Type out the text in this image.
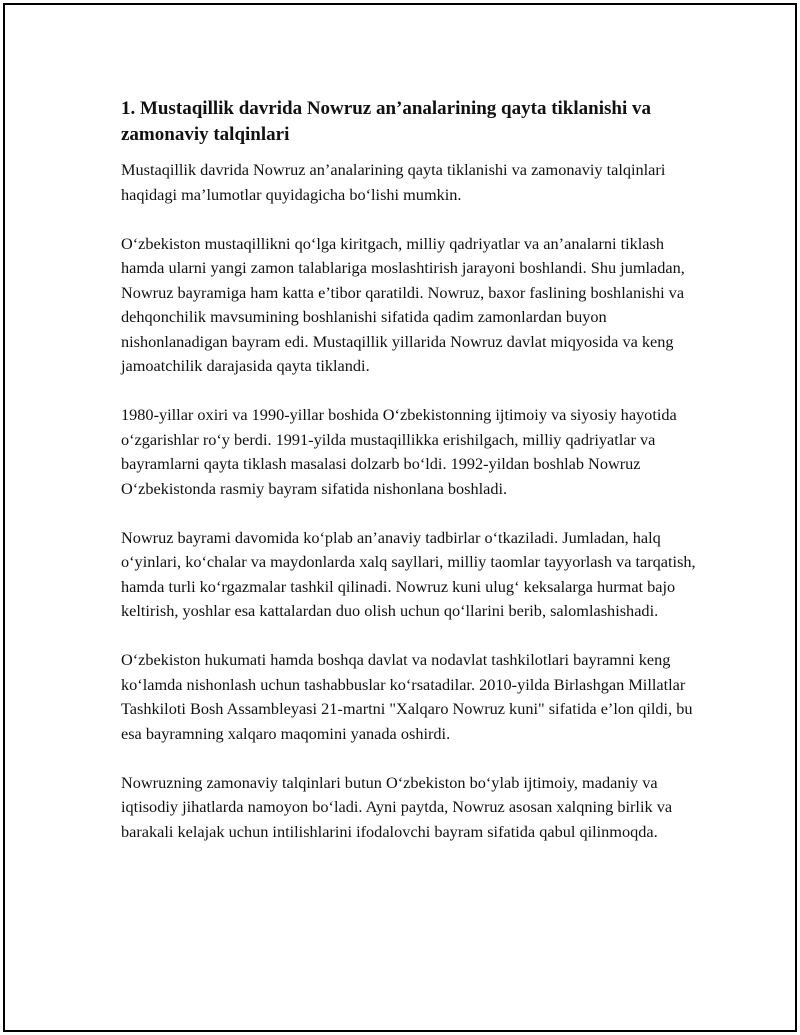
1. Mustaqillik davrida Nowruz an’analarining qayta tiklanishi va zamonaviy talqinlari

Mustaqillik davrida Nowruz an’analarining qayta tiklanishi va zamonaviy talqinlari haqidagi ma’lumotlar quyidagicha bo‘lishi mumkin.

O‘zbekiston mustaqillikni qo‘lga kiritgach, milliy qadriyatlar va an’analarni tiklash hamda ularni yangi zamon talablariga moslashtirish jarayoni boshlandi. Shu jumladan, Nowruz bayramiga ham katta e’tibor qaratildi. Nowruz, baxor faslining boshlanishi va dehqonchilik mavsumining boshlanishi sifatida qadim zamonlardan buyon nishonlanadigan bayram edi. Mustaqillik yillarida Nowruz davlat miqyosida va keng jamoatchilik darajasida qayta tiklandi.

1980-yillar oxiri va 1990-yillar boshida O‘zbekistonning ijtimoiy va siyosiy hayotida o‘zgarishlar ro‘y berdi. 1991-yilda mustaqillikka erishilgach, milliy qadriyatlar va bayramlarni qayta tiklash masalasi dolzarb bo‘ldi. 1992-yildan boshlab Nowruz O‘zbekistonda rasmiy bayram sifatida nishonlana boshladi.

Nowruz bayrami davomida ko‘plab an’anaviy tadbirlar o‘tkaziladi. Jumladan, halq o‘yinlari, ko‘chalar va maydonlarda xalq sayllari, milliy taomlar tayyorlash va tarqatish, hamda turli ko‘rgazmalar tashkil qilinadi. Nowruz kuni ulug‘ keksalarga hurmat bajo keltirish, yoshlar esa kattalardan duo olish uchun qo‘llarini berib, salomlashishadi.

O‘zbekiston hukumati hamda boshqa davlat va nodavlat tashkilotlari bayramni keng ko‘lamda nishonlash uchun tashabbuslar ko‘rsatadilar. 2010-yilda Birlashgan Millatlar Tashkiloti Bosh Assambleyasi 21-martni "Xalqaro Nowruz kuni" sifatida e’lon qildi, bu esa bayramning xalqaro maqomini yanada oshirdi.

Nowruzning zamonaviy talqinlari butun O‘zbekiston bo‘ylab ijtimoiy, madaniy va iqtisodiy jihatlarda namoyon bo‘ladi. Ayni paytda, Nowruz asosan xalqning birlik va barakali kelajak uchun intilishlarini ifodalovchi bayram sifatida qabul qilinmoqda.
